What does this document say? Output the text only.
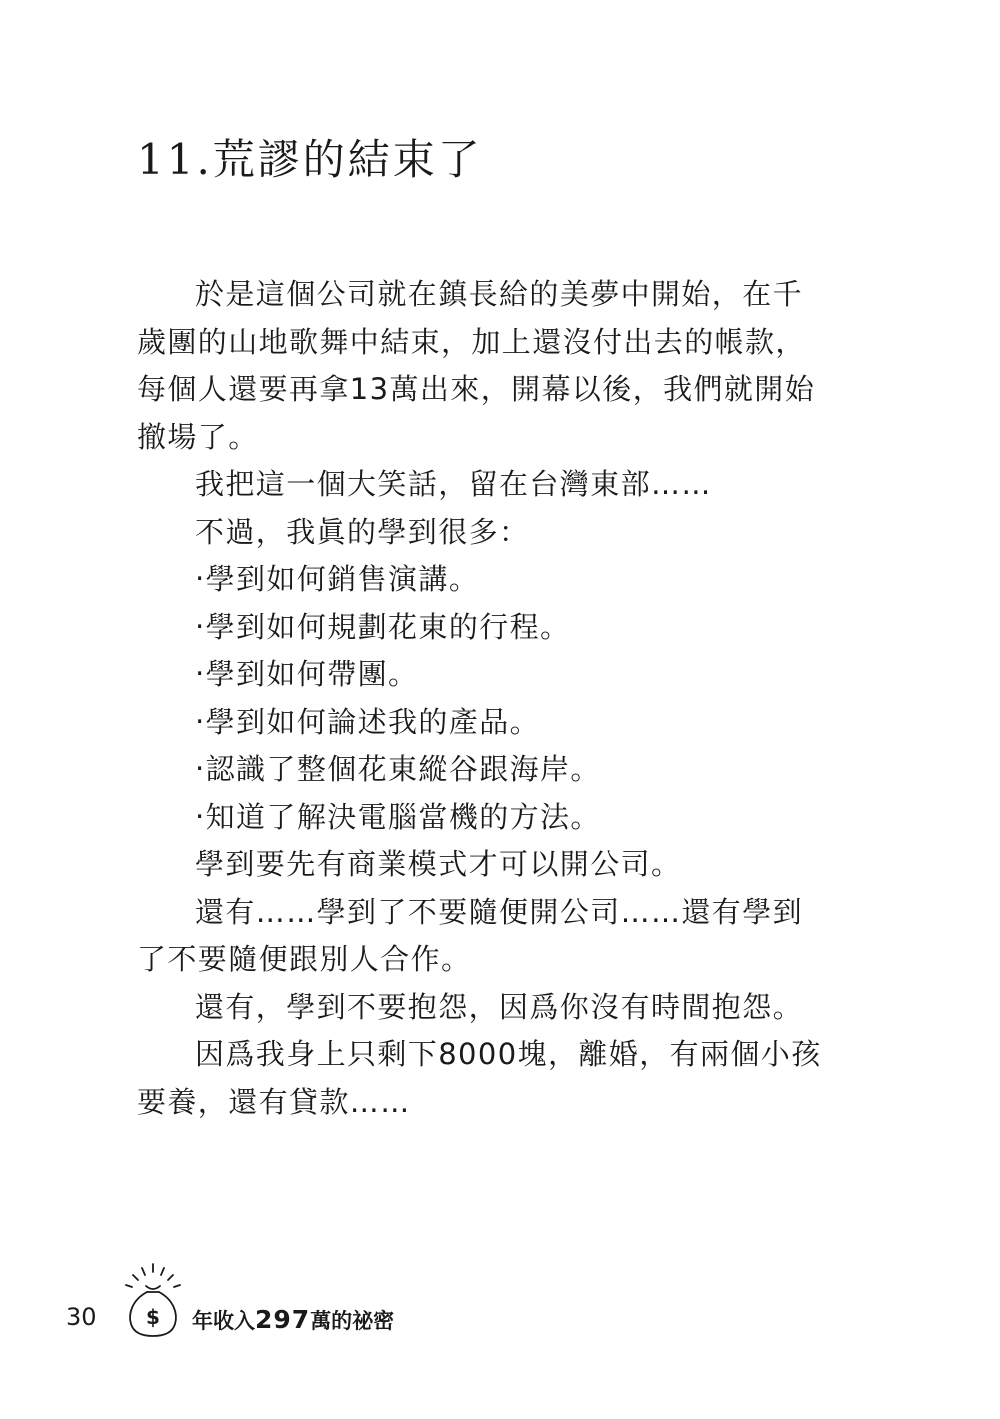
11.荒謬的結束了

於是這個公司就在鎮長給的美夢中開始，在千歲團的山地歌舞中結束，加上還沒付出去的帳款，每個人還要再拿13萬出來，開幕以後，我們就開始撤場了。

我把這一個大笑話，留在台灣東部……

不過，我眞的學到很多：

‧學到如何銷售演講。

‧學到如何規劃花東的行程。

‧學到如何帶團。

‧學到如何論述我的產品。

‧認識了整個花東縱谷跟海岸。

‧知道了解決電腦當機的方法。

學到要先有商業模式才可以開公司。

還有……學到了不要隨便開公司……還有學到了不要隨便跟別人合作。

還有，學到不要抱怨，因爲你沒有時間抱怨。

因爲我身上只剩下8000塊，離婚，有兩個小孩要養，還有貸款……

30 $ 年收入297萬的祕密
